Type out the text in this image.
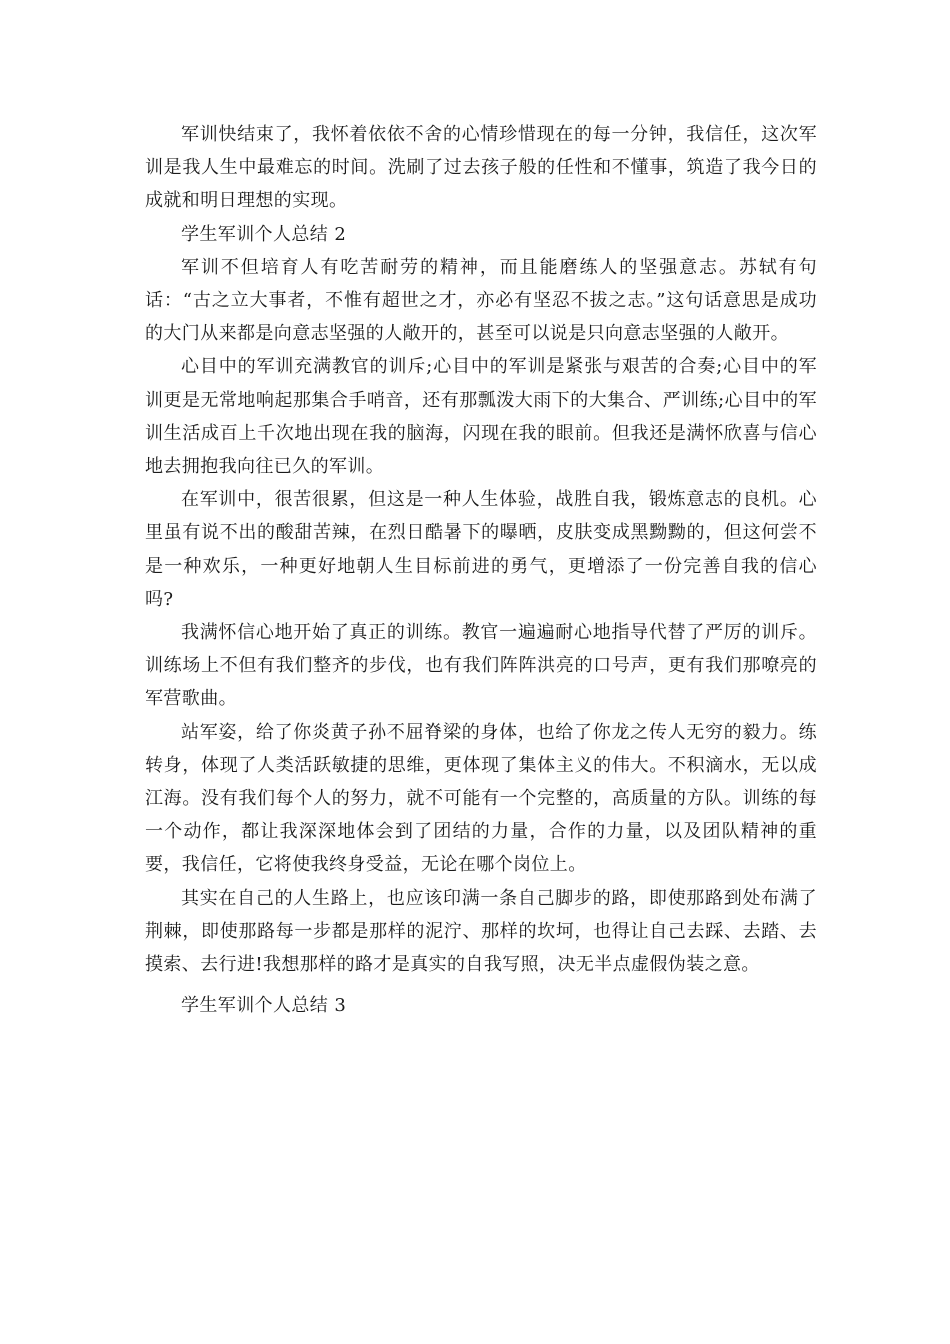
军训快结束了，我怀着依依不舍的心情珍惜现在的每一分钟，我信任，这次军训是我人生中最难忘的时间。洗刷了过去孩子般的任性和不懂事，筑造了我今日的成就和明日理想的实现。

学生军训个人总结 2

军训不但培育人有吃苦耐劳的精神，而且能磨练人的坚强意志。苏轼有句话：“古之立大事者，不惟有超世之才，亦必有坚忍不拔之志。”这句话意思是成功的大门从来都是向意志坚强的人敞开的，甚至可以说是只向意志坚强的人敞开。

心目中的军训充满教官的训斥;心目中的军训是紧张与艰苦的合奏;心目中的军训更是无常地响起那集合手哨音，还有那瓢泼大雨下的大集合、严训练;心目中的军训生活成百上千次地出现在我的脑海，闪现在我的眼前。但我还是满怀欣喜与信心地去拥抱我向往已久的军训。

在军训中，很苦很累，但这是一种人生体验，战胜自我，锻炼意志的良机。心里虽有说不出的酸甜苦辣，在烈日酷暑下的曝晒，皮肤变成黑黝黝的，但这何尝不是一种欢乐，一种更好地朝人生目标前进的勇气，更增添了一份完善自我的信心吗?

我满怀信心地开始了真正的训练。教官一遍遍耐心地指导代替了严厉的训斥。训练场上不但有我们整齐的步伐，也有我们阵阵洪亮的口号声，更有我们那嘹亮的军营歌曲。

站军姿，给了你炎黄子孙不屈脊梁的身体，也给了你龙之传人无穷的毅力。练转身，体现了人类活跃敏捷的思维，更体现了集体主义的伟大。不积滴水，无以成江海。没有我们每个人的努力，就不可能有一个完整的，高质量的方队。训练的每一个动作，都让我深深地体会到了团结的力量，合作的力量，以及团队精神的重要，我信任，它将使我终身受益，无论在哪个岗位上。

其实在自己的人生路上，也应该印满一条自己脚步的路，即使那路到处布满了荆棘，即使那路每一步都是那样的泥泞、那样的坎坷，也得让自己去踩、去踏、去摸索、去行进!我想那样的路才是真实的自我写照，决无半点虚假伪装之意。

学生军训个人总结 3
